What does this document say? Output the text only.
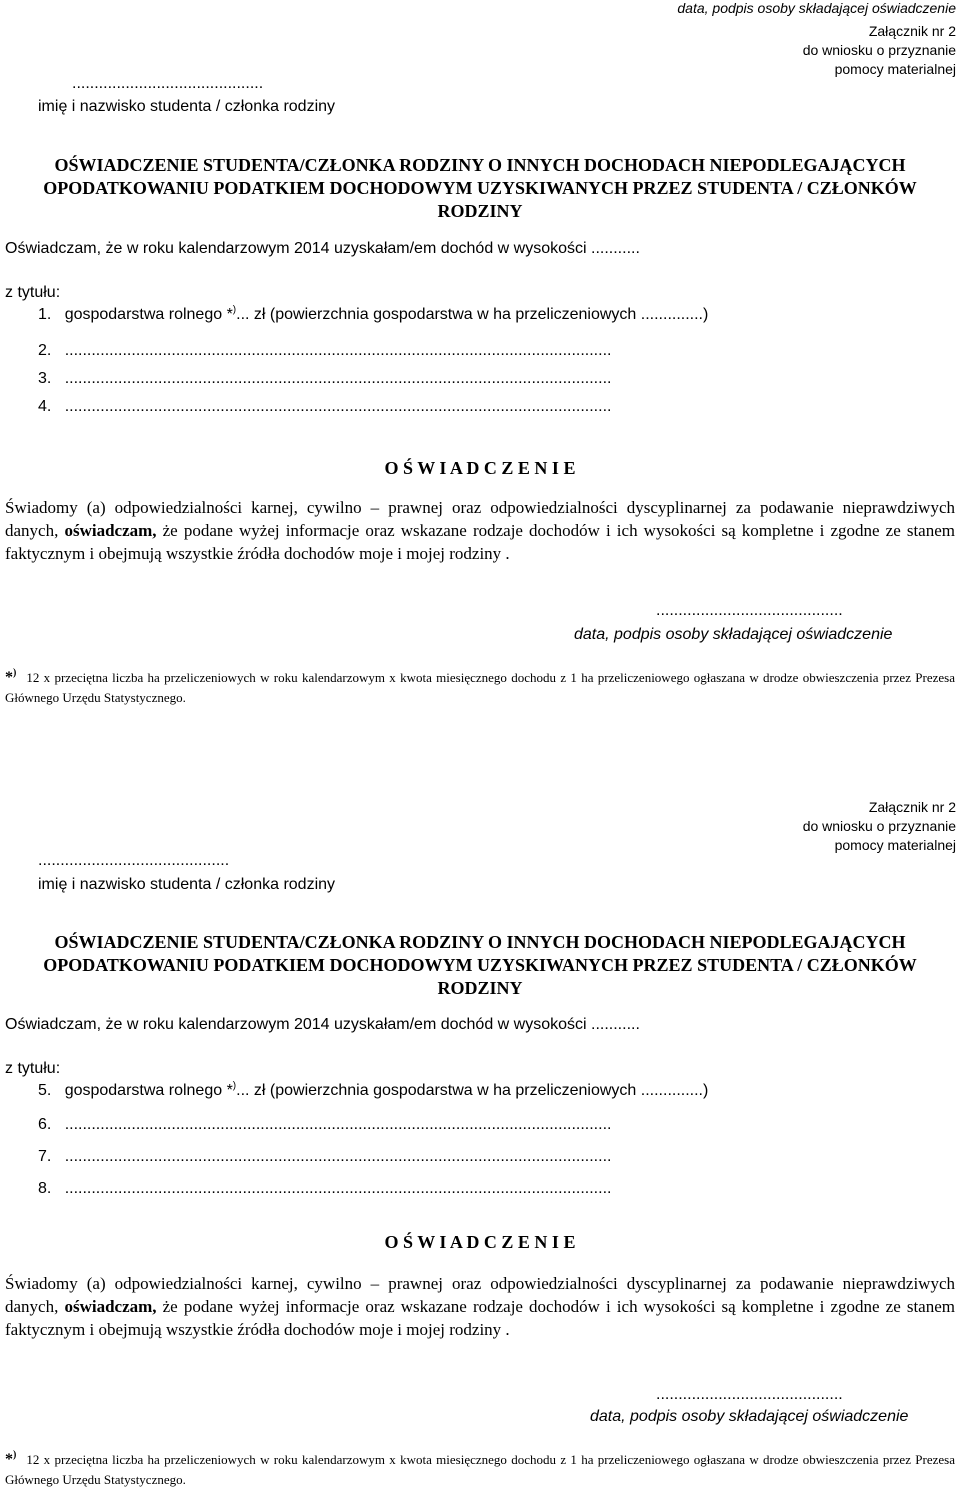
data, podpis osoby składającej oświadczenie
Załącznik nr 2
do wniosku o przyznanie
pomocy materialnej
...........................................
imię i nazwisko studenta / członka rodziny
OŚWIADCZENIE STUDENTA/CZŁONKA RODZINY O INNYCH DOCHODACH NIEPODLEGAJĄCYCH OPODATKOWANIU PODATKIEM DOCHODOWYM UZYSKIWANYCH PRZEZ STUDENTA / CZŁONKÓW RODZINY
Oświadczam, że w roku kalendarzowym 2014 uzyskałam/em dochód w wysokości ...........
z tytułu:
1. gospodarstwa rolnego *)... zł (powierzchnia gospodarstwa w ha przeliczeniowych ..............)
2. ...........................................................................................................................
3. ...........................................................................................................................
4. ...........................................................................................................................
O Ś W I A D C Z E N I E
Świadomy (a) odpowiedzialności karnej, cywilno – prawnej oraz odpowiedzialności dyscyplinarnej za podawanie nieprawdziwych danych, oświadczam, że podane wyżej informacje oraz wskazane rodzaje dochodów i ich wysokości są kompletne i zgodne ze stanem faktycznym i obejmują wszystkie źródła dochodów moje i mojej rodziny .
..........................................
data, podpis osoby składającej oświadczenie
*) 12 x przeciętna liczba ha przeliczeniowych w roku kalendarzowym x kwota miesięcznego dochodu z 1 ha przeliczeniowego ogłaszana w drodze obwieszczenia przez Prezesa Głównego Urzędu Statystycznego.
Załącznik nr 2
do wniosku o przyznanie
pomocy materialnej
...........................................
imię i nazwisko studenta / członka rodziny
OŚWIADCZENIE STUDENTA/CZŁONKA RODZINY O INNYCH DOCHODACH NIEPODLEGAJĄCYCH OPODATKOWANIU PODATKIEM DOCHODOWYM UZYSKIWANYCH PRZEZ STUDENTA / CZŁONKÓW RODZINY
Oświadczam, że w roku kalendarzowym 2014 uzyskałam/em dochód w wysokości ...........
z tytułu:
5. gospodarstwa rolnego *)... zł (powierzchnia gospodarstwa w ha przeliczeniowych ..............)
6. ...........................................................................................................................
7. ...........................................................................................................................
8. ...........................................................................................................................
O Ś W I A D C Z E N I E
Świadomy (a) odpowiedzialności karnej, cywilno – prawnej oraz odpowiedzialności dyscyplinarnej za podawanie nieprawdziwych danych, oświadczam, że podane wyżej informacje oraz wskazane rodzaje dochodów i ich wysokości są kompletne i zgodne ze stanem faktycznym i obejmują wszystkie źródła dochodów moje i mojej rodziny .
..........................................
data, podpis osoby składającej oświadczenie
*) 12 x przeciętna liczba ha przeliczeniowych w roku kalendarzowym x kwota miesięcznego dochodu z 1 ha przeliczeniowego ogłaszana w drodze obwieszczenia przez Prezesa Głównego Urzędu Statystycznego.
